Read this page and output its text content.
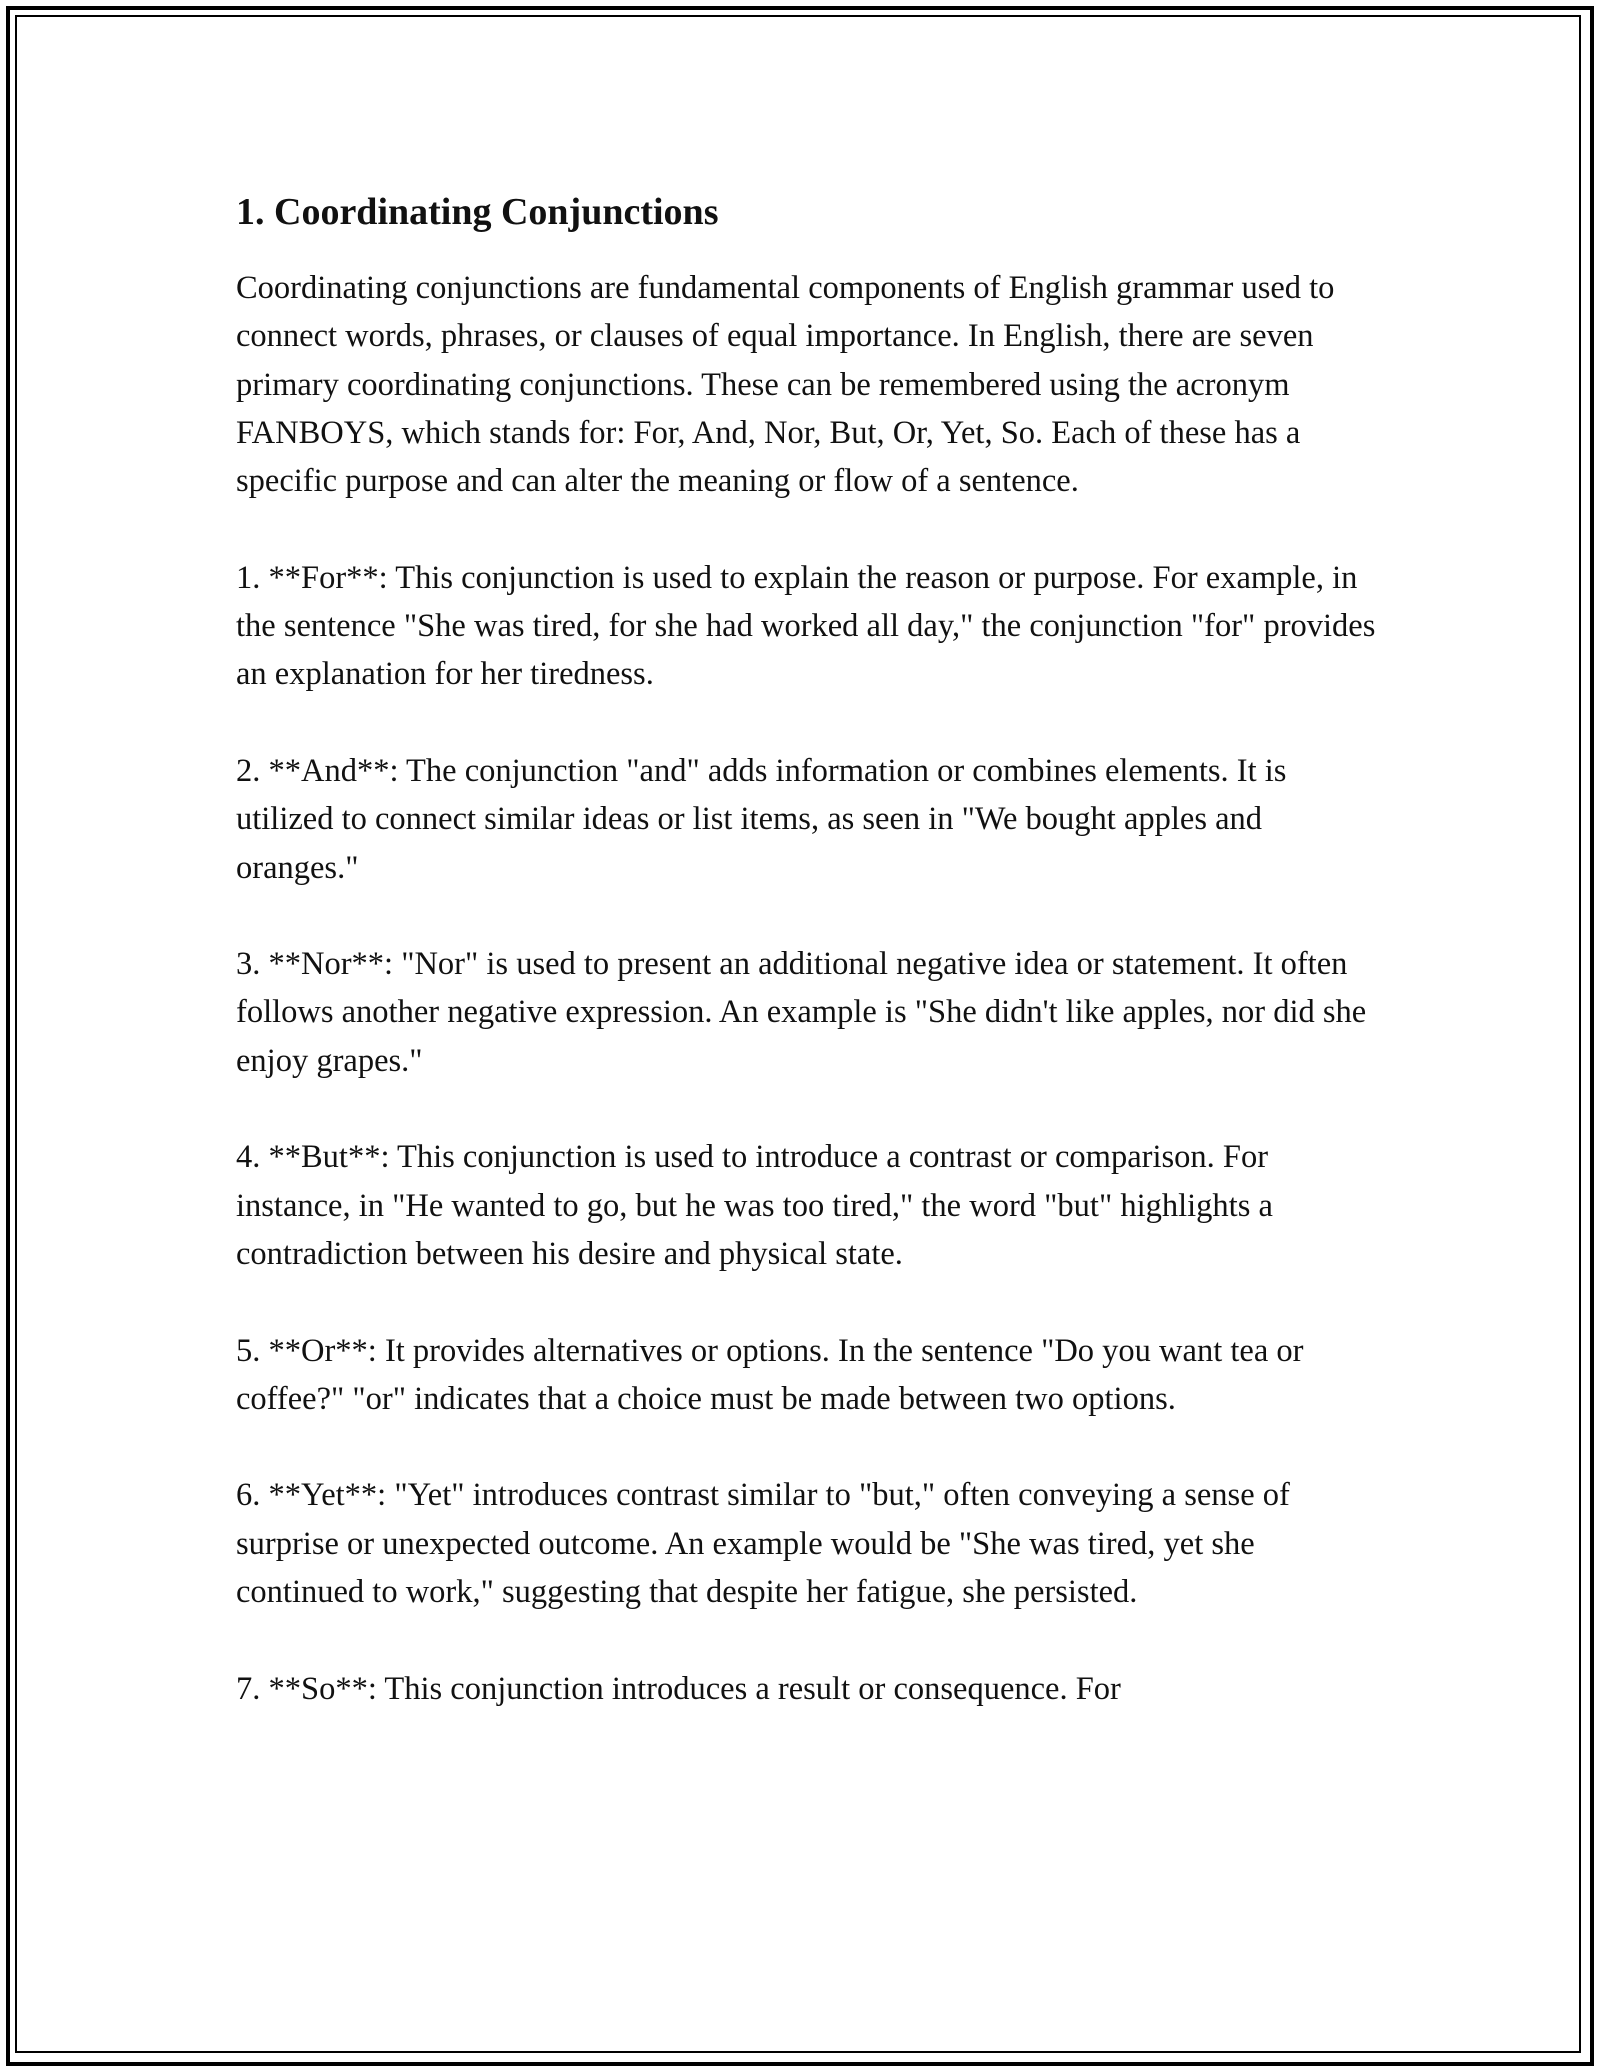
1. Coordinating Conjunctions

Coordinating conjunctions are fundamental components of English grammar used to connect words, phrases, or clauses of equal importance. In English, there are seven primary coordinating conjunctions. These can be remembered using the acronym FANBOYS, which stands for: For, And, Nor, But, Or, Yet, So. Each of these has a specific purpose and can alter the meaning or flow of a sentence.

1. **For**: This conjunction is used to explain the reason or purpose. For example, in the sentence "She was tired, for she had worked all day," the conjunction "for" provides an explanation for her tiredness.

2. **And**: The conjunction "and" adds information or combines elements. It is utilized to connect similar ideas or list items, as seen in "We bought apples and oranges."

3. **Nor**: "Nor" is used to present an additional negative idea or statement. It often follows another negative expression. An example is "She didn't like apples, nor did she enjoy grapes."

4. **But**: This conjunction is used to introduce a contrast or comparison. For instance, in "He wanted to go, but he was too tired," the word "but" highlights a contradiction between his desire and physical state.

5. **Or**: It provides alternatives or options. In the sentence "Do you want tea or coffee?" "or" indicates that a choice must be made between two options.

6. **Yet**: "Yet" introduces contrast similar to "but," often conveying a sense of surprise or unexpected outcome. An example would be "She was tired, yet she continued to work," suggesting that despite her fatigue, she persisted.

7. **So**: This conjunction introduces a result or consequence. For
